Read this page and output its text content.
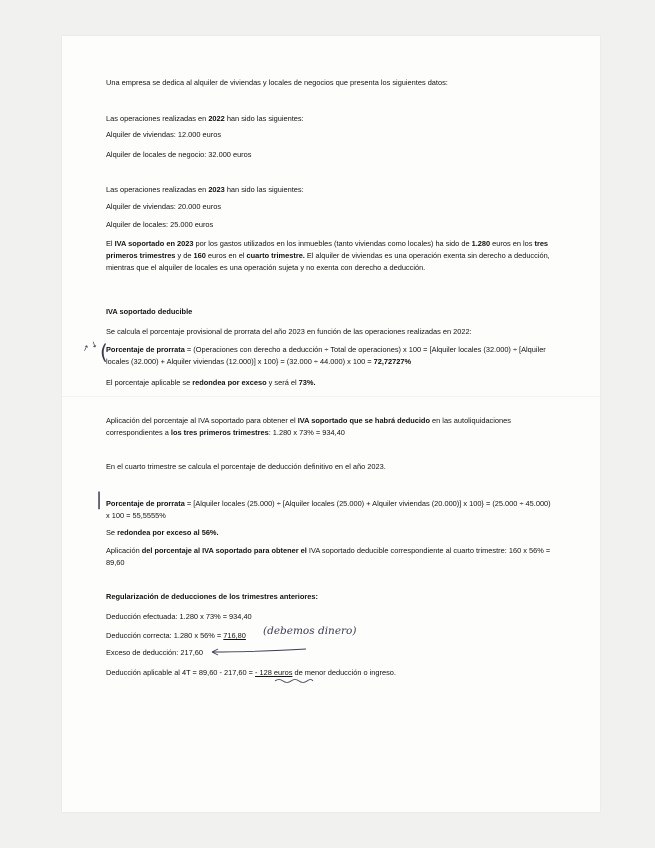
Una empresa se dedica al alquiler de viviendas y locales de negocios que presenta los siguientes datos:

Las operaciones realizadas en 2022 han sido las siguientes:

Alquiler de viviendas: 12.000 euros

Alquiler de locales de negocio: 32.000 euros

Las operaciones realizadas en 2023 han sido las siguientes:

Alquiler de viviendas: 20.000 euros

Alquiler de locales: 25.000 euros

El IVA soportado en 2023 por los gastos utilizados en los inmuebles (tanto viviendas como locales) ha sido de 1.280 euros en los tres primeros trimestres y de 160 euros en el cuarto trimestre. El alquiler de viviendas es una operación exenta sin derecho a deducción, mientras que el alquiler de locales es una operación sujeta y no exenta con derecho a deducción.

IVA soportado deducible

Se calcula el porcentaje provisional de prorrata del año 2023 en función de las operaciones realizadas en 2022:

↗ ↓ (

Porcentaje de prorrata = (Operaciones con derecho a deducción ÷ Total de operaciones) x 100 = [Alquiler locales (32.000) ÷ [Alquiler locales (32.000) + Alquiler viviendas (12.000)] x 100} = (32.000 ÷ 44.000) x 100 = 72,72727%

El porcentaje aplicable se redondea por exceso y será el 73%.

Aplicación del porcentaje al IVA soportado para obtener el IVA soportado que se habrá deducido en las autoliquidaciones correspondientes a los tres primeros trimestres: 1.280 x 73% = 934,40

En el cuarto trimestre se calcula el porcentaje de deducción definitivo en el año 2023.

| Porcentaje de prorrata = [Alquiler locales (25.000) ÷ [Alquiler locales (25.000) + Alquiler viviendas (20.000)] x 100} = (25.000 ÷ 45.000) x 100 = 55,5555%

Se redondea por exceso al 56%.

Aplicación del porcentaje al IVA soportado para obtener el IVA soportado deducible correspondiente al cuarto trimestre: 160 x 56% = 89,60

Regularización de deducciones de los trimestres anteriores:

Deducción efectuada: 1.280 x 73% = 934,40

Deducción correcta: 1.280 x 56% = 716,80 (debemos dinero)

Exceso de deducción: 217,60

Deducción aplicable al 4T = 89,60 - 217,60 = - 128 euros de menor deducción o ingreso.
